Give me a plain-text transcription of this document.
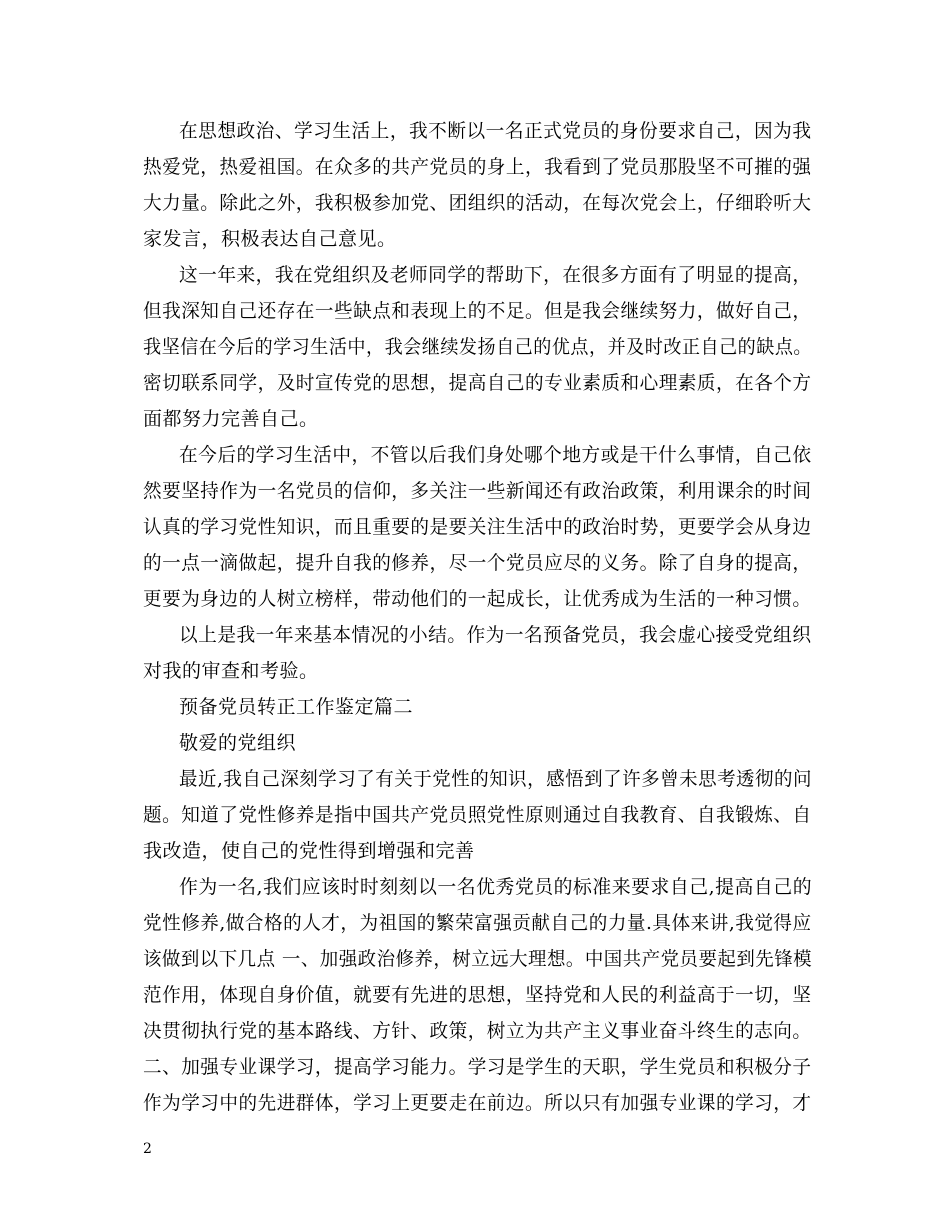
在思想政治、学习生活上，我不断以一名正式党员的身份要求自己，因为我
热爱党，热爱祖国。在众多的共产党员的身上，我看到了党员那股坚不可摧的强
大力量。除此之外，我积极参加党、团组织的活动，在每次党会上，仔细聆听大
家发言，积极表达自己意见。
这一年来，我在党组织及老师同学的帮助下，在很多方面有了明显的提高，
但我深知自己还存在一些缺点和表现上的不足。但是我会继续努力，做好自己，
我坚信在今后的学习生活中，我会继续发扬自己的优点，并及时改正自己的缺点。
密切联系同学，及时宣传党的思想，提高自己的专业素质和心理素质，在各个方
面都努力完善自己。
在今后的学习生活中，不管以后我们身处哪个地方或是干什么事情，自己依
然要坚持作为一名党员的信仰，多关注一些新闻还有政治政策，利用课余的时间
认真的学习党性知识，而且重要的是要关注生活中的政治时势，更要学会从身边
的一点一滴做起，提升自我的修养，尽一个党员应尽的义务。除了自身的提高，
更要为身边的人树立榜样，带动他们的一起成长，让优秀成为生活的一种习惯。
以上是我一年来基本情况的小结。作为一名预备党员，我会虚心接受党组织
对我的审查和考验。
预备党员转正工作鉴定篇二
敬爱的党组织
最近,我自己深刻学习了有关于党性的知识，感悟到了许多曾未思考透彻的问
题。知道了党性修养是指中国共产党员照党性原则通过自我教育、自我锻炼、自
我改造，使自己的党性得到增强和完善
作为一名,我们应该时时刻刻以一名优秀党员的标准来要求自己,提高自己的
党性修养,做合格的人才，为祖国的繁荣富强贡献自己的力量.具体来讲,我觉得应
该做到以下几点 一、加强政治修养，树立远大理想。中国共产党员要起到先锋模
范作用，体现自身价值，就要有先进的思想，坚持党和人民的利益高于一切，坚
决贯彻执行党的基本路线、方针、政策，树立为共产主义事业奋斗终生的志向。
二、加强专业课学习，提高学习能力。学习是学生的天职，学生党员和积极分子
作为学习中的先进群体，学习上更要走在前边。所以只有加强专业课的学习，才
2
